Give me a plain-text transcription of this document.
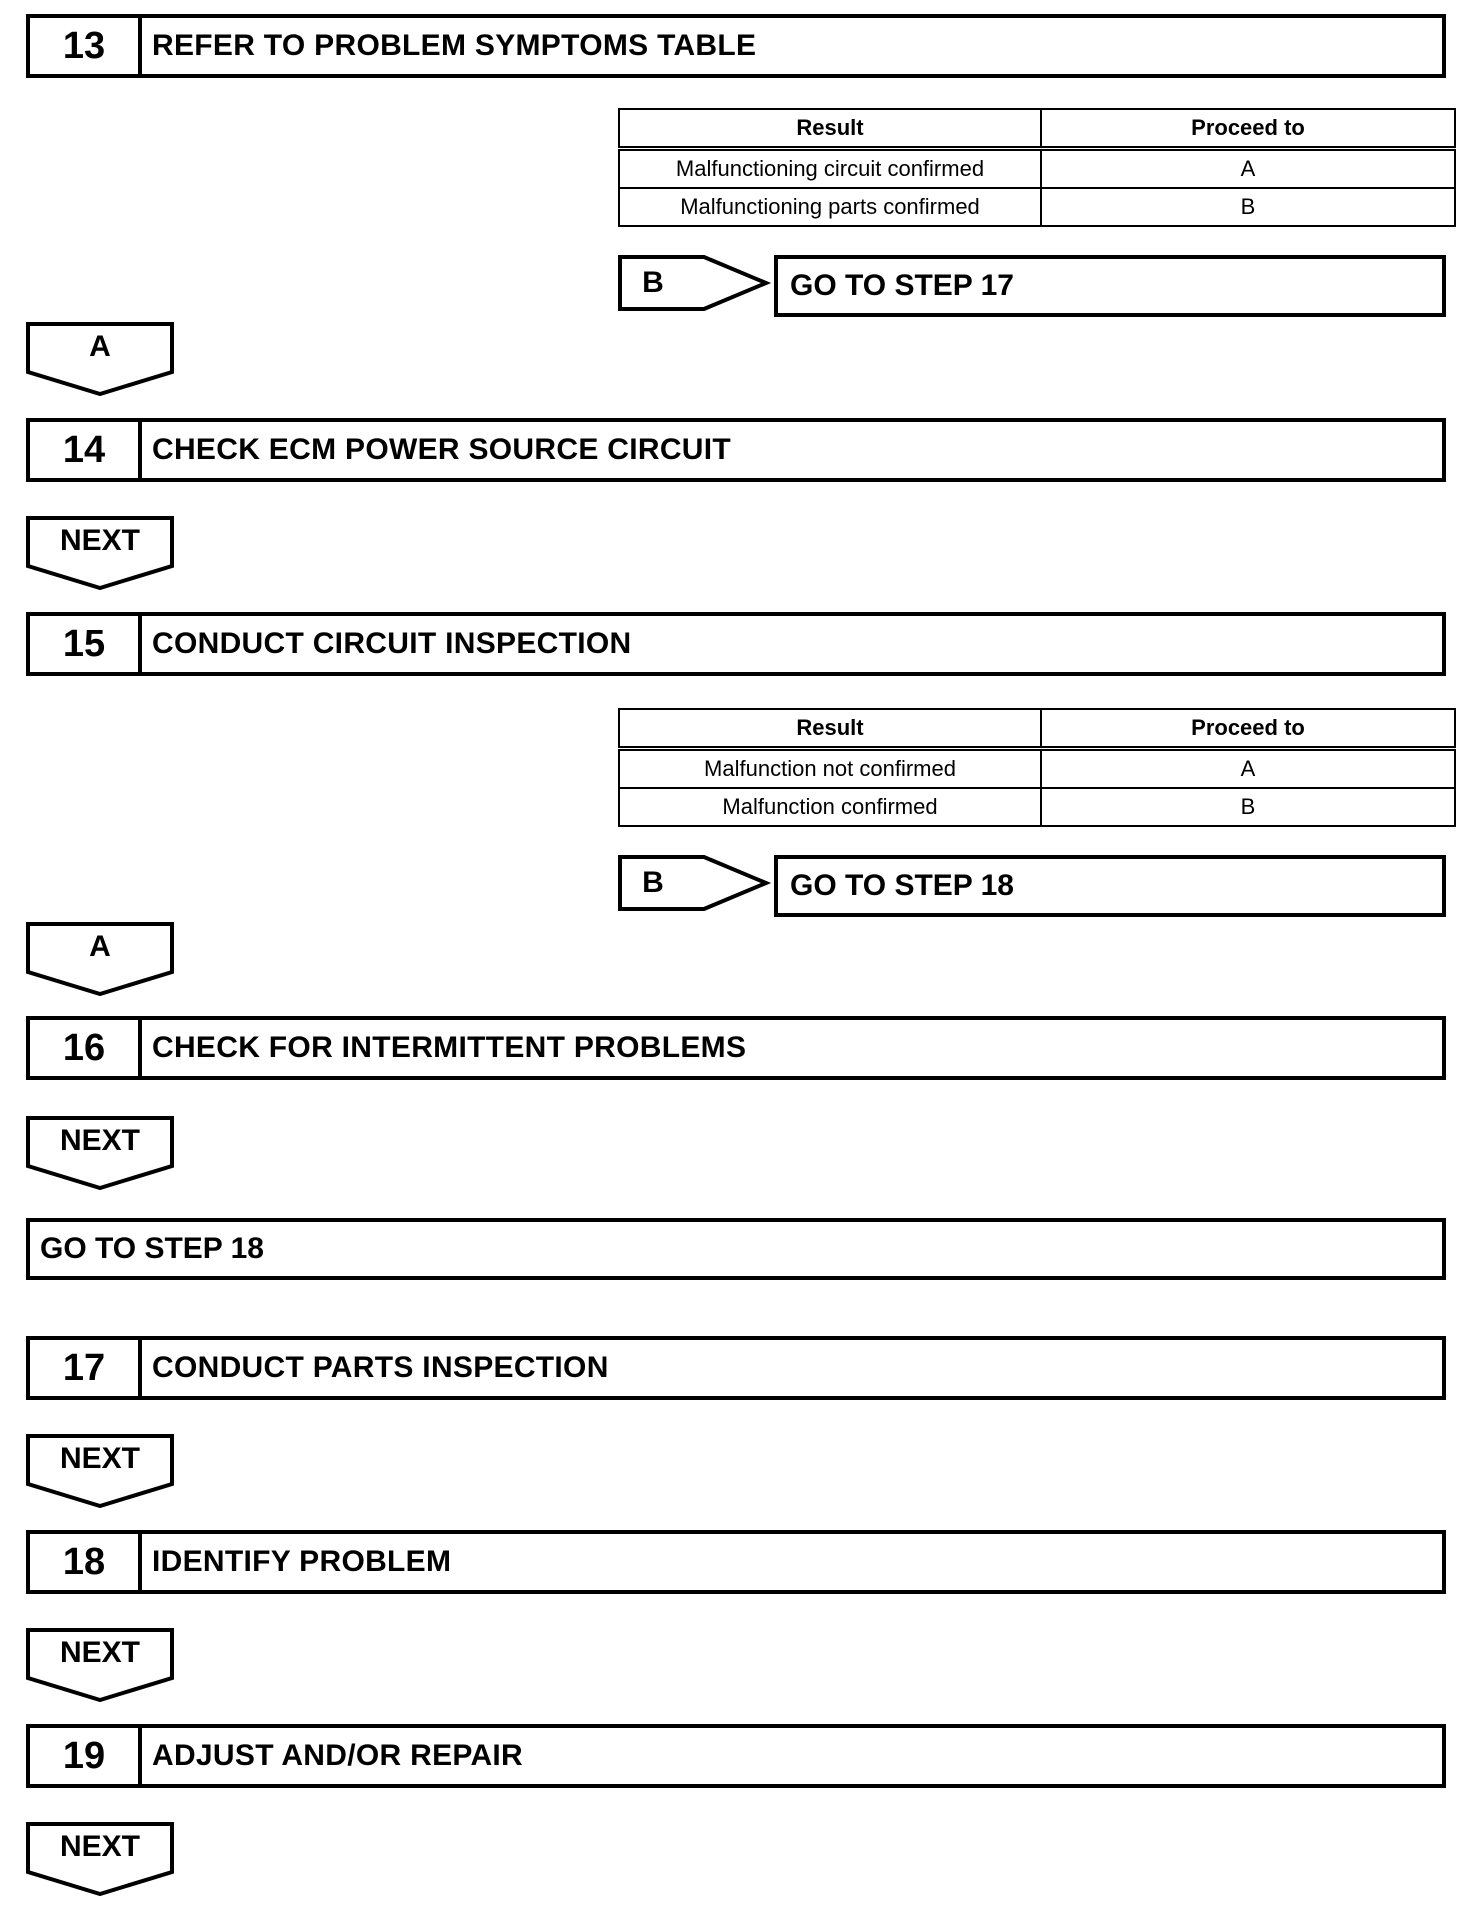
13	REFER TO PROBLEM SYMPTOMS TABLE
Result	Proceed to
Malfunctioning circuit confirmed	A
Malfunctioning parts confirmed	B
B	GO TO STEP 17
A
14	CHECK ECM POWER SOURCE CIRCUIT
NEXT
15	CONDUCT CIRCUIT INSPECTION
Result	Proceed to
Malfunction not confirmed	A
Malfunction confirmed	B
B	GO TO STEP 18
A
16	CHECK FOR INTERMITTENT PROBLEMS
NEXT
GO TO STEP 18
17	CONDUCT PARTS INSPECTION
NEXT
18	IDENTIFY PROBLEM
NEXT
19	ADJUST AND/OR REPAIR
NEXT
